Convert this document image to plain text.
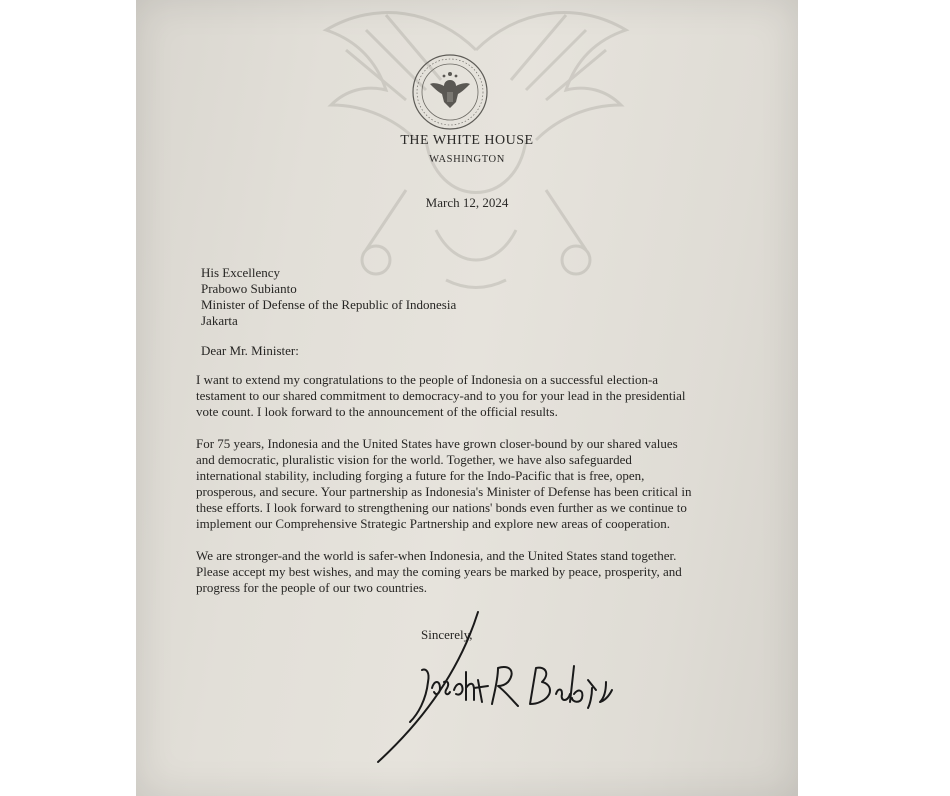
THE WHITE HOUSE
WASHINGTON
March 12, 2024
His Excellency
Prabowo Subianto
Minister of Defense of the Republic of Indonesia
Jakarta
Dear Mr. Minister:
I want to extend my congratulations to the people of Indonesia on a successful election-a
testament to our shared commitment to democracy-and to you for your lead in the presidential
vote count. I look forward to the announcement of the official results.
For 75 years, Indonesia and the United States have grown closer-bound by our shared values
and democratic, pluralistic vision for the world. Together, we have also safeguarded
international stability, including forging a future for the Indo-Pacific that is free, open,
prosperous, and secure. Your partnership as Indonesia's Minister of Defense has been critical in
these efforts. I look forward to strengthening our nations' bonds even further as we continue to
implement our Comprehensive Strategic Partnership and explore new areas of cooperation.
We are stronger-and the world is safer-when Indonesia, and the United States stand together.
Please accept my best wishes, and may the coming years be marked by peace, prosperity, and
progress for the people of our two countries.
Sincerely,
